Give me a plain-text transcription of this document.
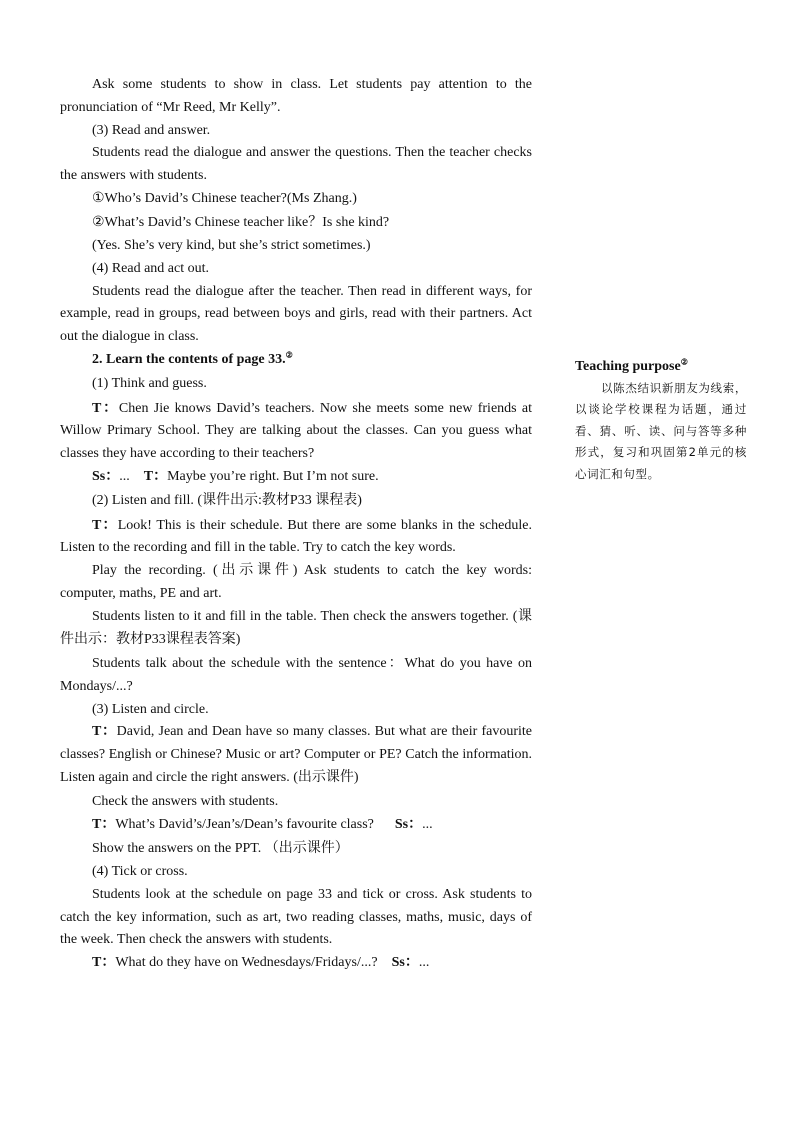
Ask some students to show in class. Let students pay attention to the pronunciation of “Mr Reed, Mr Kelly”.

(3) Read and answer.

Students read the dialogue and answer the questions. Then the teacher checks the answers with students.

①Who’s David’s Chinese teacher?(Ms Zhang.)

②What’s David’s Chinese teacher like？Is she kind?

(Yes. She’s very kind, but she’s strict sometimes.)

(4) Read and act out.

Students read the dialogue after the teacher. Then read in different ways, for example, read in groups, read between boys and girls, read with their partners. Act out the dialogue in class.

2. Learn the contents of page 33.②

(1) Think and guess.

T：Chen Jie knows David’s teachers. Now she meets some new friends at Willow Primary School. They are talking about the classes. Can you guess what classes they have according to their teachers?

Ss：... T：Maybe you’re right. But I’m not sure.

(2) Listen and fill. (课件出示:教材P33 课程表)

T：Look! This is their schedule. But there are some blanks in the schedule. Listen to the recording and fill in the table. Try to catch the key words.

Play the recording. (出示课件) Ask students to catch the key words: computer, maths, PE and art.

Students listen to it and fill in the table. Then check the answers together. (课件出示：教材P33课程表答案)

Students talk about the schedule with the sentence：What do you have on Mondays/...?

(3) Listen and circle.

T：David, Jean and Dean have so many classes. But what are their favourite classes? English or Chinese? Music or art? Computer or PE? Catch the information. Listen again and circle the right answers. (出示课件)

Check the answers with students.

T：What’s David’s/Jean’s/Dean’s favourite class? Ss：...

Show the answers on the PPT. （出示课件）

(4) Tick or cross.

Students look at the schedule on page 33 and tick or cross. Ask students to catch the key information, such as art, two reading classes, maths, music, days of the week. Then check the answers with students.

T：What do they have on Wednesdays/Fridays/...? Ss：...

Teaching purpose②

以陈杰结识新朋友为线索，以谈论学校课程为话题，通过看、猜、听、读、问与答等多种形式，复习和巩固第2单元的核心词汇和句型。
